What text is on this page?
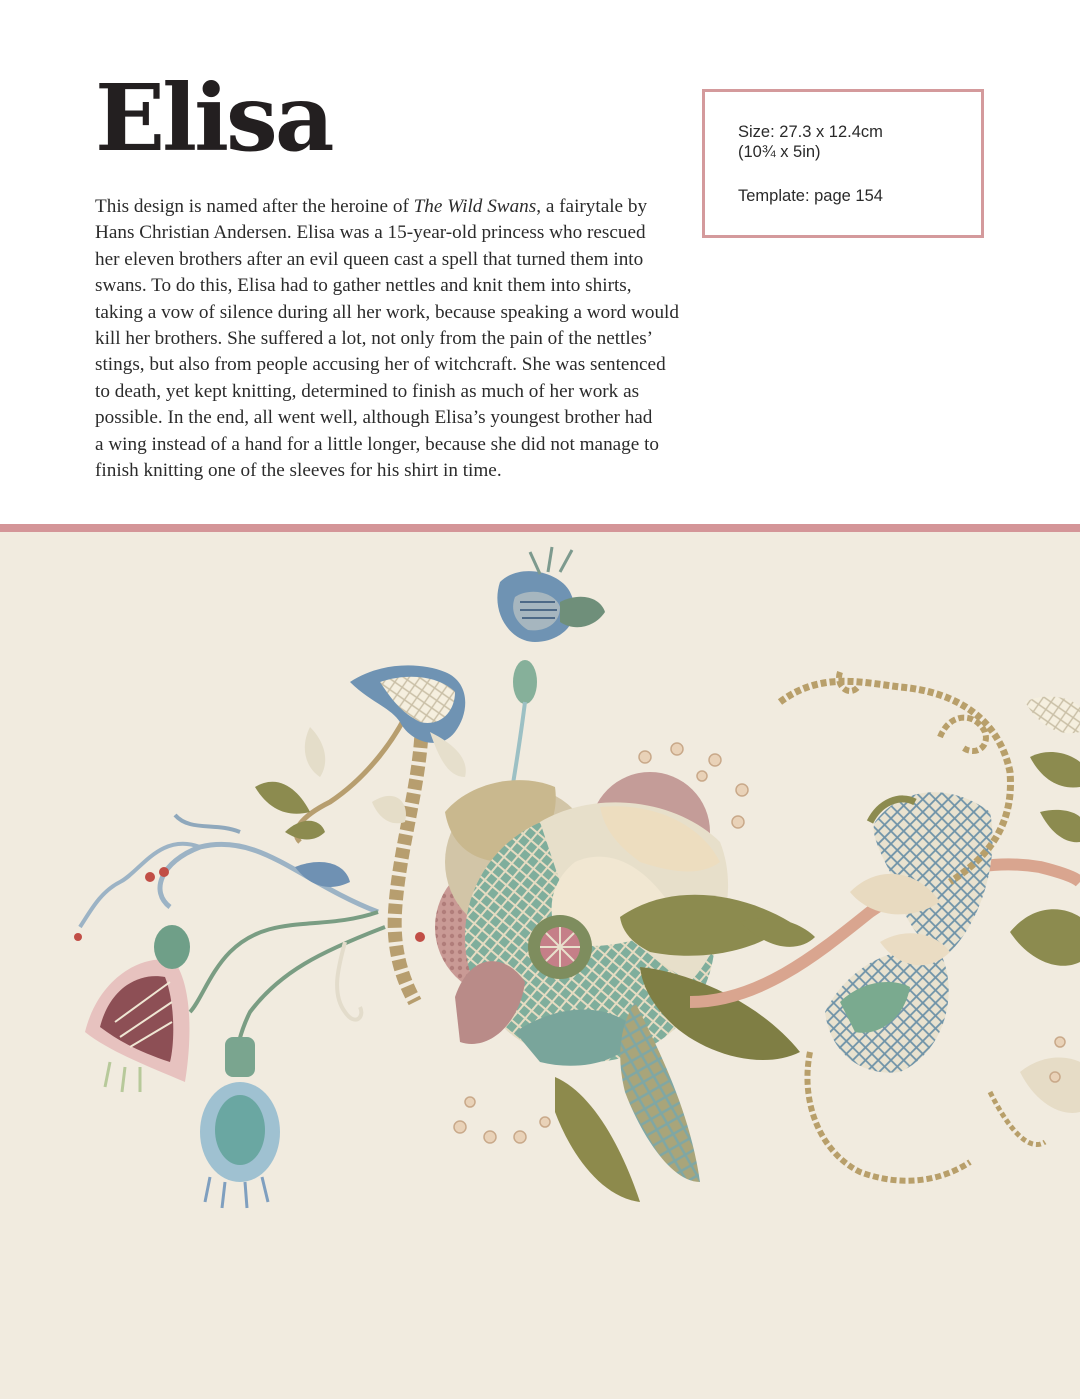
Elisa
This design is named after the heroine of The Wild Swans, a fairytale by
Hans Christian Andersen. Elisa was a 15-year-old princess who rescued
her eleven brothers after an evil queen cast a spell that turned them into
swans. To do this, Elisa had to gather nettles and knit them into shirts,
taking a vow of silence during all her work, because speaking a word would
kill her brothers. She suffered a lot, not only from the pain of the nettles’
stings, but also from people accusing her of witchcraft. She was sentenced
to death, yet kept knitting, determined to finish as much of her work as
possible. In the end, all went well, although Elisa’s youngest brother had
a wing instead of a hand for a little longer, because she did not manage to
finish knitting one of the sleeves for his shirt in time.
Size: 27.3 x 12.4cm
(10¾ x 5in)
Template: page 154
